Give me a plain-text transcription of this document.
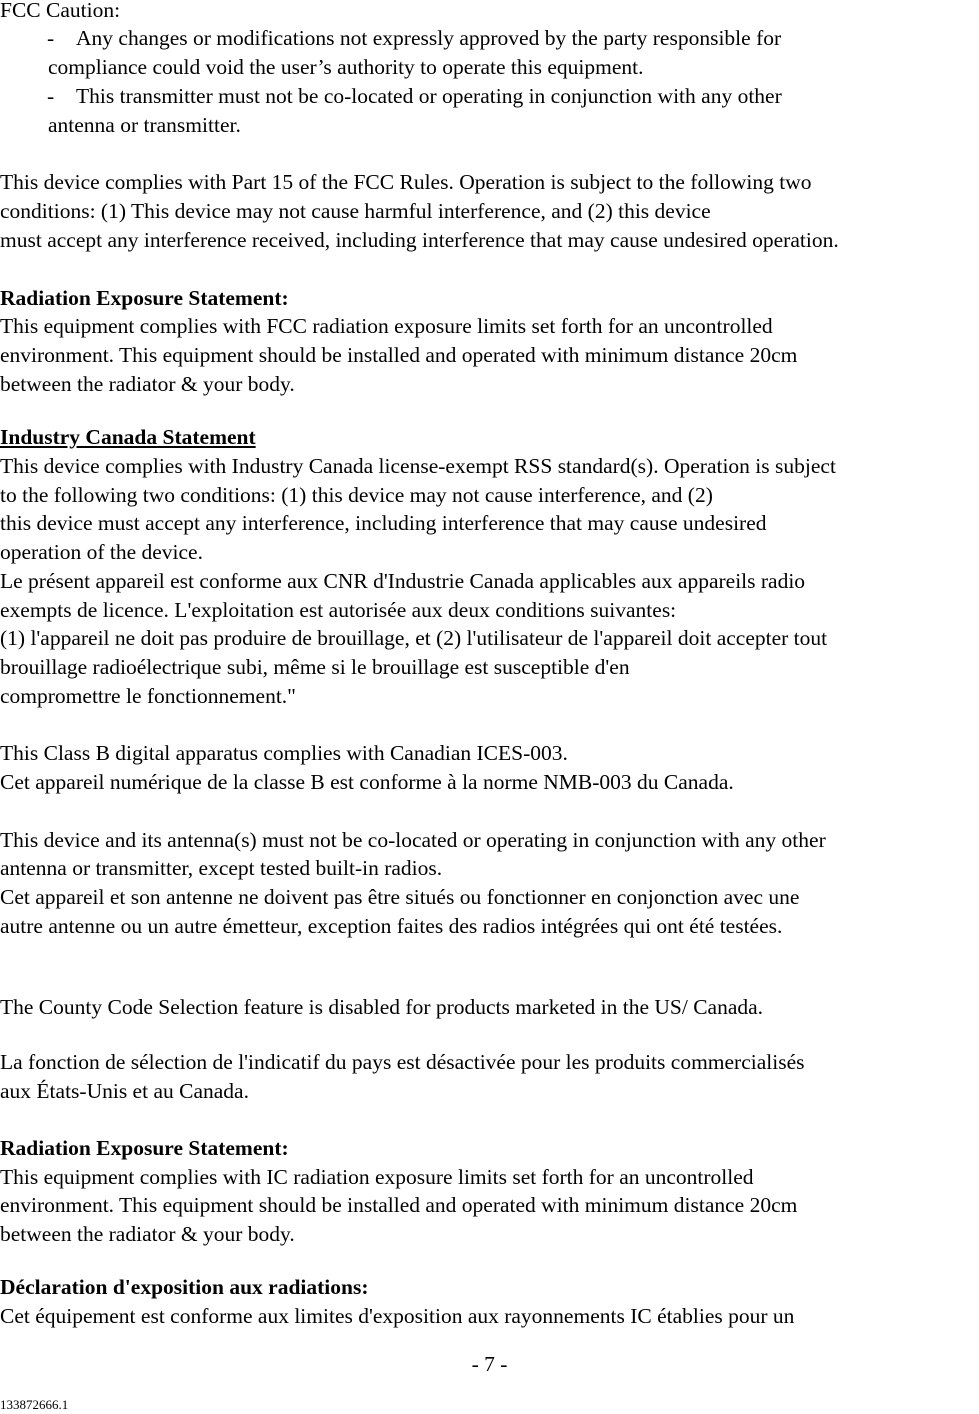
FCC Caution:
- Any changes or modifications not expressly approved by the party responsible for
compliance could void the user’s authority to operate this equipment.
- This transmitter must not be co-located or operating in conjunction with any other
antenna or transmitter.
This device complies with Part 15 of the FCC Rules. Operation is subject to the following two
conditions: (1) This device may not cause harmful interference, and (2) this device
must accept any interference received, including interference that may cause undesired operation.
Radiation Exposure Statement:
This equipment complies with FCC radiation exposure limits set forth for an uncontrolled
environment. This equipment should be installed and operated with minimum distance 20cm
between the radiator & your body.
Industry Canada Statement
This device complies with Industry Canada license-exempt RSS standard(s). Operation is subject
to the following two conditions: (1) this device may not cause interference, and (2)
this device must accept any interference, including interference that may cause undesired
operation of the device.
Le présent appareil est conforme aux CNR d'Industrie Canada applicables aux appareils radio
exempts de licence. L'exploitation est autorisée aux deux conditions suivantes:
(1) l'appareil ne doit pas produire de brouillage, et (2) l'utilisateur de l'appareil doit accepter tout
brouillage radioélectrique subi, même si le brouillage est susceptible d'en
compromettre le fonctionnement."
This Class B digital apparatus complies with Canadian ICES-003.
Cet appareil numérique de la classe B est conforme à la norme NMB-003 du Canada.
This device and its antenna(s) must not be co-located or operating in conjunction with any other
antenna or transmitter, except tested built-in radios.
Cet appareil et son antenne ne doivent pas être situés ou fonctionner en conjonction avec une
autre antenne ou un autre émetteur, exception faites des radios intégrées qui ont été testées.
The County Code Selection feature is disabled for products marketed in the US/ Canada.
La fonction de sélection de l'indicatif du pays est désactivée pour les produits commercialisés
aux États-Unis et au Canada.
Radiation Exposure Statement:
This equipment complies with IC radiation exposure limits set forth for an uncontrolled
environment. This equipment should be installed and operated with minimum distance 20cm
between the radiator & your body.
Déclaration d'exposition aux radiations:
Cet équipement est conforme aux limites d'exposition aux rayonnements IC établies pour un
- 7 -
133872666.1
